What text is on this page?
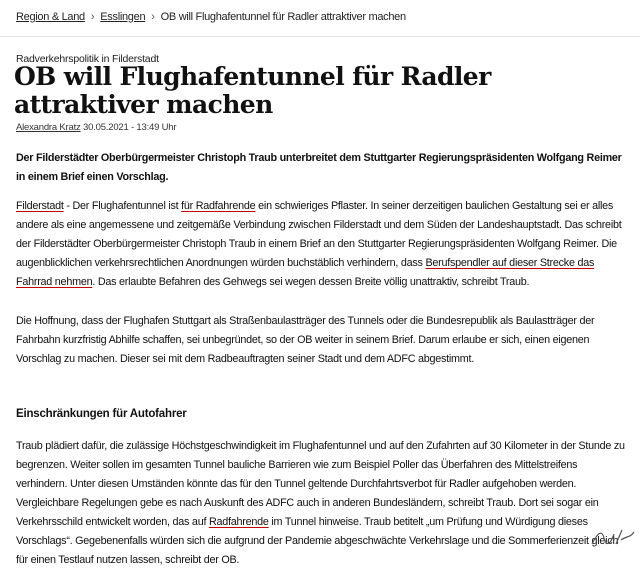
Region & Land › Esslingen › OB will Flughafentunnel für Radler attraktiver machen
Radverkehrspolitik in Filderstadt
OB will Flughafentunnel für Radler attraktiver machen
Alexandra Kratz 30.05.2021 - 13:49 Uhr

Der Filderstädter Oberbürgermeister Christoph Traub unterbreitet dem Stuttgarter Regierungspräsidenten Wolfgang Reimer in einem Brief einen Vorschlag.

Filderstadt - Der Flughafentunnel ist für Radfahrende ein schwieriges Pflaster. In seiner derzeitigen baulichen Gestaltung sei er alles andere als eine angemessene und zeitgemäße Verbindung zwischen Filderstadt und dem Süden der Landeshauptstadt. Das schreibt der Filderstädter Oberbürgermeister Christoph Traub in einem Brief an den Stuttgarter Regierungspräsidenten Wolfgang Reimer. Die augenblicklichen verkehrsrechtlichen Anordnungen würden buchstäblich verhindern, dass Berufspendler auf dieser Strecke das Fahrrad nehmen. Das erlaubte Befahren des Gehwegs sei wegen dessen Breite völlig unattraktiv, schreibt Traub.

Die Hoffnung, dass der Flughafen Stuttgart als Straßenbaulastträger des Tunnels oder die Bundesrepublik als Baulastträger der Fahrbahn kurzfristig Abhilfe schaffen, sei unbegründet, so der OB weiter in seinem Brief. Darum erlaube er sich, einen eigenen Vorschlag zu machen. Dieser sei mit dem Radbeauftragten seiner Stadt und dem ADFC abgestimmt.

Einschränkungen für Autofahrer

Traub plädiert dafür, die zulässige Höchstgeschwindigkeit im Flughafentunnel und auf den Zufahrten auf 30 Kilometer in der Stunde zu begrenzen. Weiter sollen im gesamten Tunnel bauliche Barrieren wie zum Beispiel Poller das Überfahren des Mittelstreifens verhindern. Unter diesen Umständen könnte das für den Tunnel geltende Durchfahrtsverbot für Radler aufgehoben werden. Vergleichbare Regelungen gebe es nach Auskunft des ADFC auch in anderen Bundesländern, schreibt Traub. Dort sei sogar ein Verkehrsschild entwickelt worden, das auf Radfahrende im Tunnel hinweise. Traub betitelt „um Prüfung und Würdigung dieses Vorschlags“. Gegebenenfalls würden sich die aufgrund der Pandemie abgeschwächte Verkehrslage und die Sommerferienzeit gleich für einen Testlauf nutzen lassen, schreibt der OB.
